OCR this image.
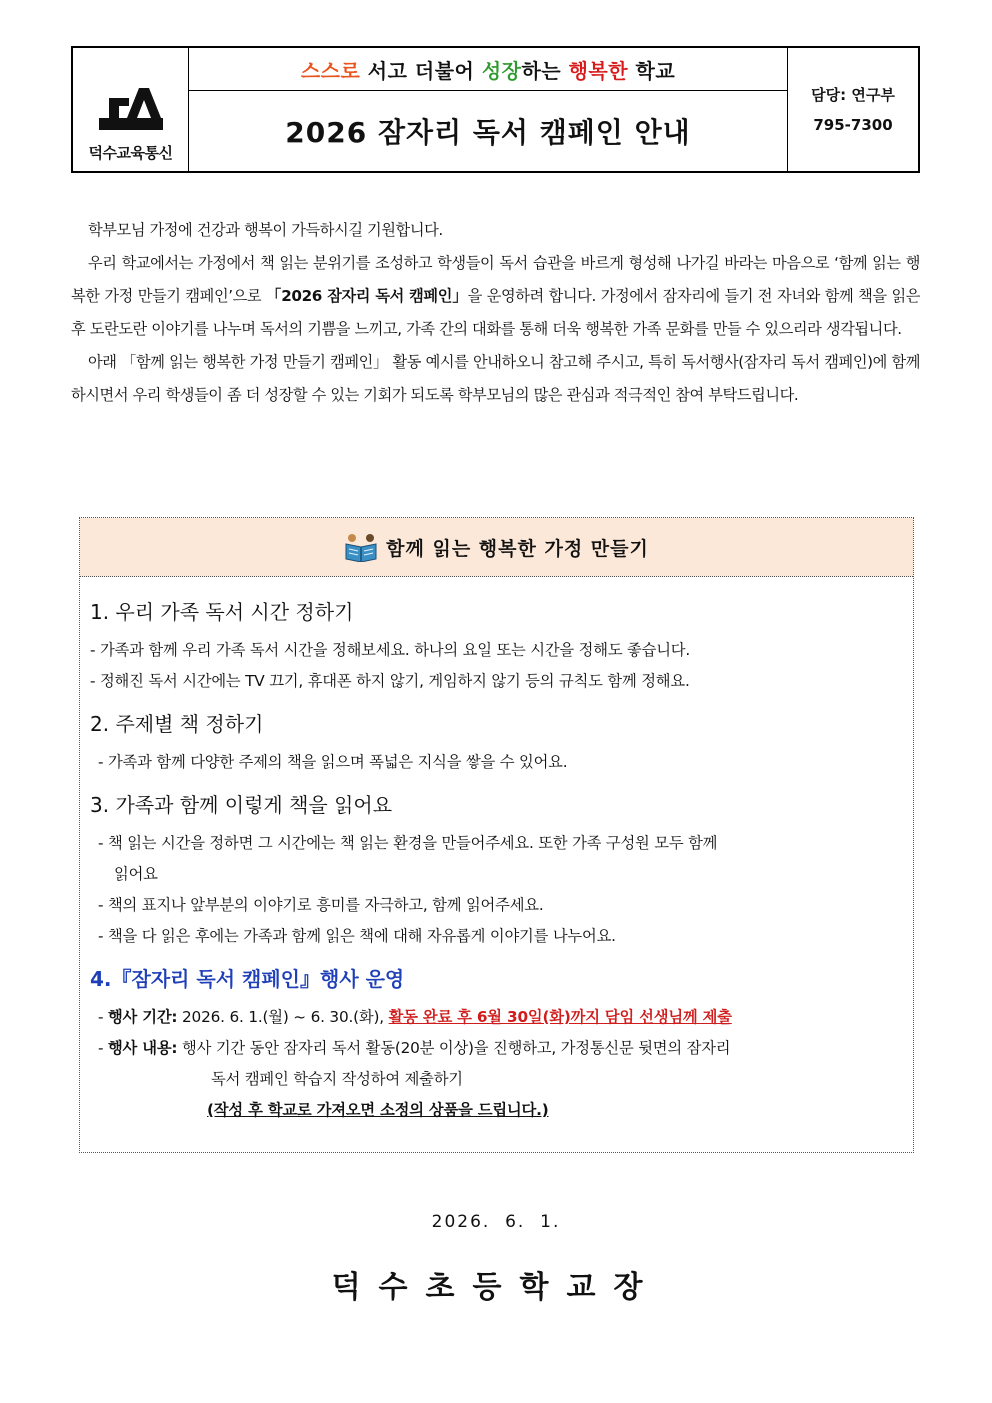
덕수교육통신
스스로 서고 더불어 성장 하는 행복한 학교
2026 잠자리 독서 캠페인 안내
담당: 연구부
795-7300

학부모님 가정에 건강과 행복이 가득하시길 기원합니다.

우리 학교에서는 가정에서 책 읽는 분위기를 조성하고 학생들이 독서 습관을 바르게 형성해 나가길 바라는 마음으로 ‘함께 읽는 행복한 가정 만들기 캠페인’으로 「2026 잠자리 독서 캠페인」을 운영하려 합니다. 가정에서 잠자리에 들기 전 자녀와 함께 책을 읽은 후 도란도란 이야기를 나누며 독서의 기쁨을 느끼고, 가족 간의 대화를 통해 더욱 행복한 가족 문화를 만들 수 있으리라 생각됩니다.

아래 「함께 읽는 행복한 가정 만들기 캠페인」 활동 예시를 안내하오니 참고해 주시고, 특히 독서행사(잠자리 독서 캠페인)에 함께 하시면서 우리 학생들이 좀 더 성장할 수 있는 기회가 되도록 학부모님의 많은 관심과 적극적인 참여 부탁드립니다.

함께 읽는 행복한 가정 만들기
1. 우리 가족 독서 시간 정하기
- 가족과 함께 우리 가족 독서 시간을 정해보세요. 하나의 요일 또는 시간을 정해도 좋습니다.
- 정해진 독서 시간에는 TV 끄기, 휴대폰 하지 않기, 게임하지 않기 등의 규칙도 함께 정해요.
2. 주제별 책 정하기
- 가족과 함께 다양한 주제의 책을 읽으며 폭넓은 지식을 쌓을 수 있어요.
3. 가족과 함께 이렇게 책을 읽어요
- 책 읽는 시간을 정하면 그 시간에는 책 읽는 환경을 만들어주세요. 또한 가족 구성원 모두 함께
읽어요
- 책의 표지나 앞부분의 이야기로 흥미를 자극하고, 함께 읽어주세요.
- 책을 다 읽은 후에는 가족과 함께 읽은 책에 대해 자유롭게 이야기를 나누어요.
4.『잠자리 독서 캠페인』행사 운영
- 행사 기간: 2026. 6. 1.(월) ~ 6. 30.(화), 활동 완료 후 6월 30일(화)까지 담임 선생님께 제출
- 행사 내용: 행사 기간 동안 잠자리 독서 활동(20분 이상)을 진행하고, 가정통신문 뒷면의 잠자리
독서 캠페인 학습지 작성하여 제출하기
(작성 후 학교로 가져오면 소정의 상품을 드립니다.)
2026.  6.  1.
덕수초등학교장
